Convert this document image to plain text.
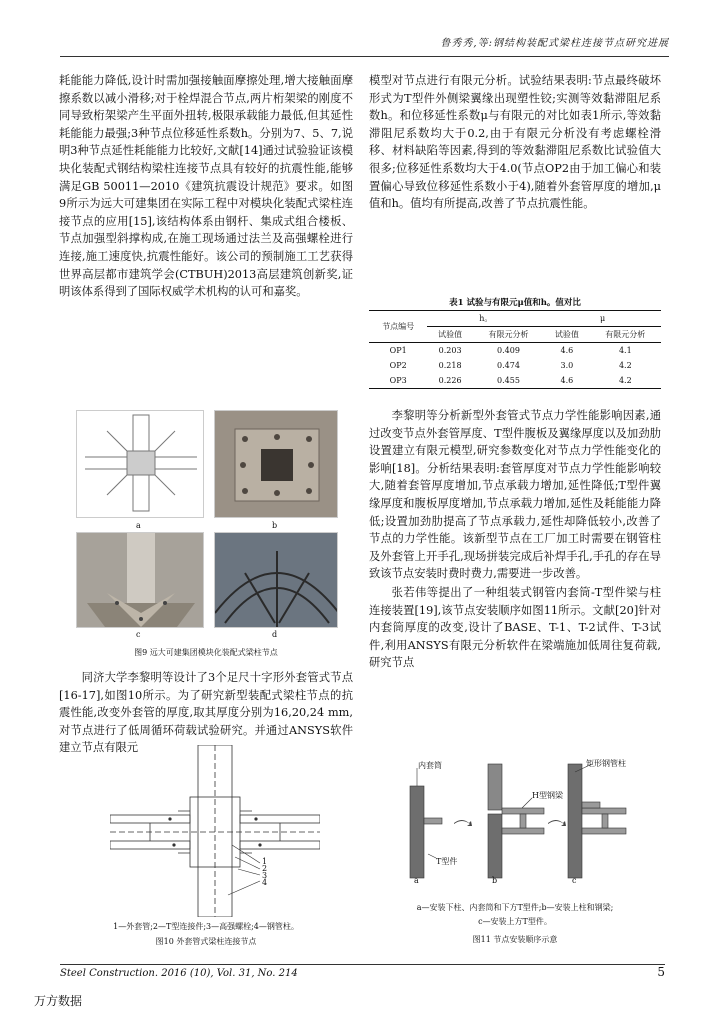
鲁秀秀,等:钢结构装配式梁柱连接节点研究进展

耗能能力降低,设计时需加强接触面摩擦处理,增大接触面摩擦系数以减小滑移;对于栓焊混合节点,两片桁架梁的刚度不同导致桁架梁产生平面外扭转,极限承载能力最低,但其延性耗能能力最强;3种节点位移延性系数h。分别为7、5、7,说明3种节点延性耗能能力比较好,文献[14]通过试验验证该模块化装配式钢结构梁柱连接节点具有较好的抗震性能,能够满足GB 50011—2010《建筑抗震设计规范》要求。如图9所示为远大可建集团在实际工程中对模块化装配式梁柱连接节点的应用[15],该结构体系由钢杆、集成式组合楼板、节点加强型斜撑构成,在施工现场通过法兰及高强螺栓进行连接,施工速度快,抗震性能好。该公司的预制施工工艺获得世界高层都市建筑学会(CTBUH)2013高层建筑创新奖,证明该体系得到了国际权威学术机构的认可和嘉奖。

a	b
c	d
图9 远大可建集团模块化装配式梁柱节点

同济大学李黎明等设计了3个足尺十字形外套管式节点[16-17],如图10所示。为了研究新型装配式梁柱节点的抗震性能,改变外套管的厚度,取其厚度分别为16,20,24 mm,对节点进行了低周循环荷载试验研究。并通过ANSYS软件建立节点有限元

1
2
3
4
1—外套管;2—T型连接件;3—高强螺栓;4—钢管柱。
图10 外套管式梁柱连接节点

模型对节点进行有限元分析。试验结果表明:节点最终破坏形式为T型件外侧梁翼缘出现塑性铰;实测等效黏滞阻尼系数h。和位移延性系数μ与有限元的对比如表1所示,等效黏滞阻尼系数均大于0.2,由于有限元分析没有考虑螺栓滑移、材料缺陷等因素,得到的等效黏滞阻尼系数比试验值大很多;位移延性系数均大于4.0(节点OP2由于加工偏心和装置偏心导致位移延性系数小于4),随着外套管厚度的增加,μ值和h。值均有所提高,改善了节点抗震性能。

表1 试验与有限元μ值和h。值对比
节点编号	h。		μ	
	试验值	有限元分析	试验值	有限元分析
OP1	0.203	0.409	4.6	4.1
OP2	0.218	0.474	3.0	4.2
OP3	0.226	0.455	4.6	4.2

李黎明等分析新型外套管式节点力学性能影响因素,通过改变节点外套管厚度、T型件腹板及翼缘厚度以及加劲肋设置建立有限元模型,研究参数变化对节点力学性能变化的影响[18]。分析结果表明:套管厚度对节点力学性能影响较大,随着套管厚度增加,节点承载力增加,延性降低;T型件翼缘厚度和腹板厚度增加,节点承载力增加,延性及耗能能力降低;设置加劲肋提高了节点承载力,延性却降低较小,改善了节点的力学性能。该新型节点在工厂加工时需要在钢管柱及外套管上开手孔,现场拼装完成后补焊手孔,手孔的存在导致该节点安装时费时费力,需要进一步改善。

张若伟等提出了一种组装式钢管内套筒-T型件梁与柱连接装置[19],该节点安装顺序如图11所示。文献[20]针对内套筒厚度的改变,设计了BASE、T-1、T-2试件、T-3试件,利用ANSYS有限元分析软件在梁端施加低周往复荷载,研究节点

内套筒	矩形钢管柱
H型钢梁
T型件
a	b	c
a—安装下柱、内套筒和下方T型件;b—安装上柱和钢梁;
c—安装上方T型件。
图11 节点安装顺序示意
Steel Construction. 2016 (10), Vol. 31, No. 214	5
万方数据
